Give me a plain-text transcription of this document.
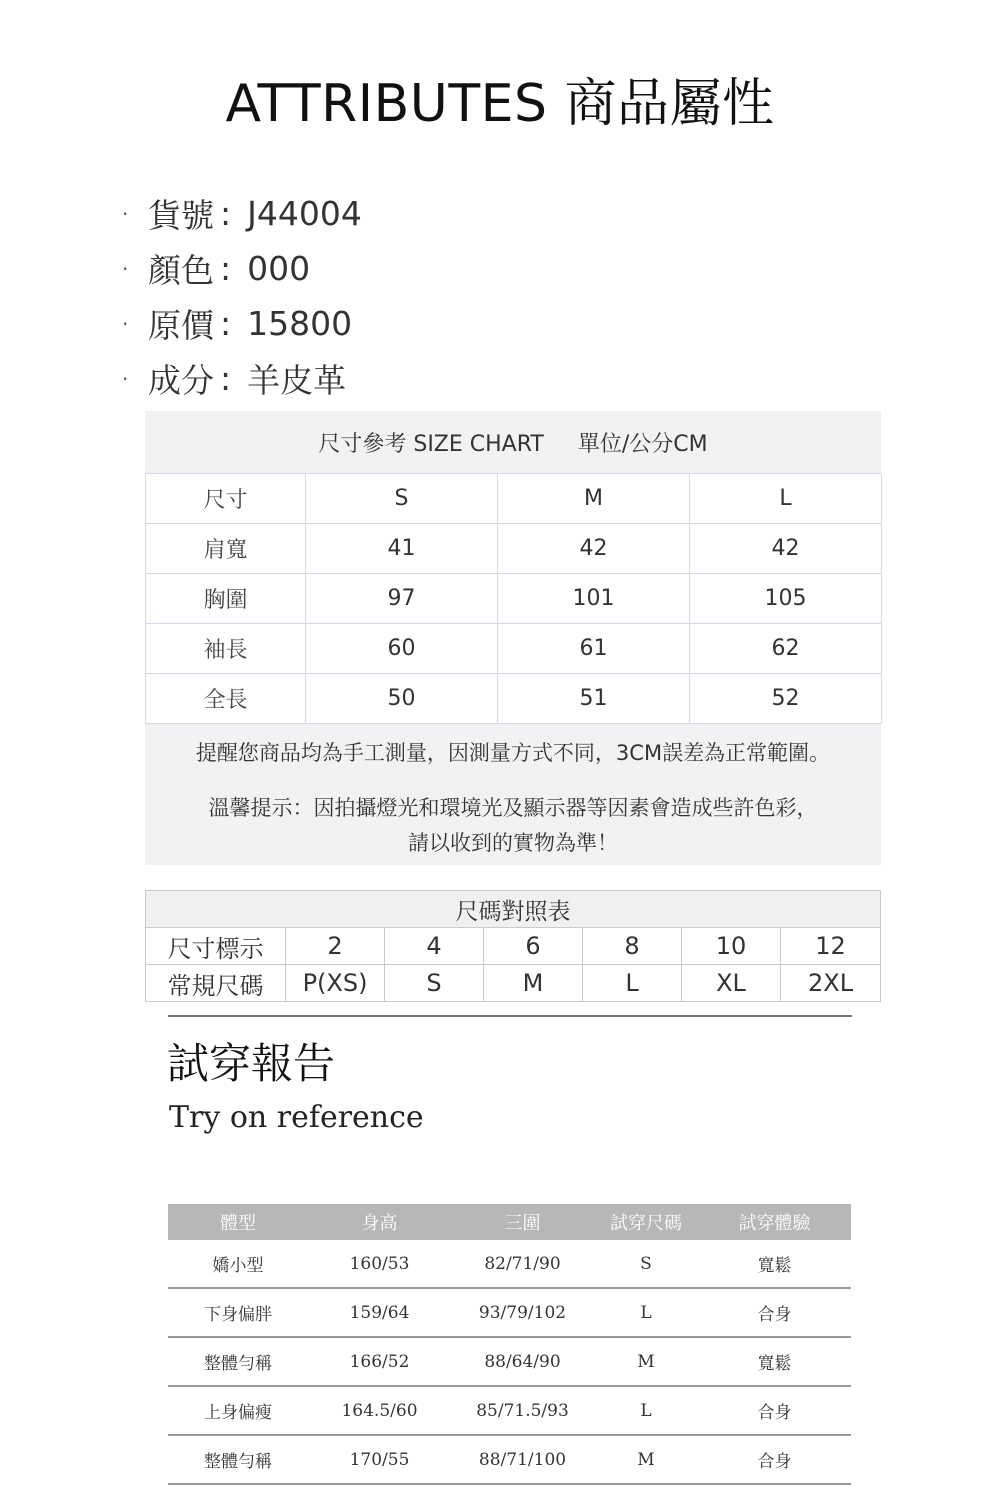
ATTRIBUTES 商品屬性
· 貨號 : J44004
· 顏色 : 000
· 原價 : 15800
· 成分 : 羊皮革
尺寸參考 SIZE CHART 單位/公分CM
尺寸	S	M	L
肩寬	41	42	42
胸圍	97	101	105
袖長	60	61	62
全長	50	51	52
提醒您商品均為手工測量，因測量方式不同，3CM誤差為正常範圍。
溫馨提示：因拍攝燈光和環境光及顯示器等因素會造成些許色彩，
請以收到的實物為準！
尺碼對照表						
尺寸標示	2	4	6	8	10	12
常規尺碼	P(XS)	S	M	L	XL	2XL
試穿報告
Try on reference
體型	身高	三圍	試穿尺碼	試穿體驗
嬌小型	160/53	82/71/90	S	寬鬆
下身偏胖	159/64	93/79/102	L	合身
整體勻稱	166/52	88/64/90	M	寬鬆
上身偏瘦	164.5/60	85/71.5/93	L	合身
整體勻稱	170/55	88/71/100	M	合身
